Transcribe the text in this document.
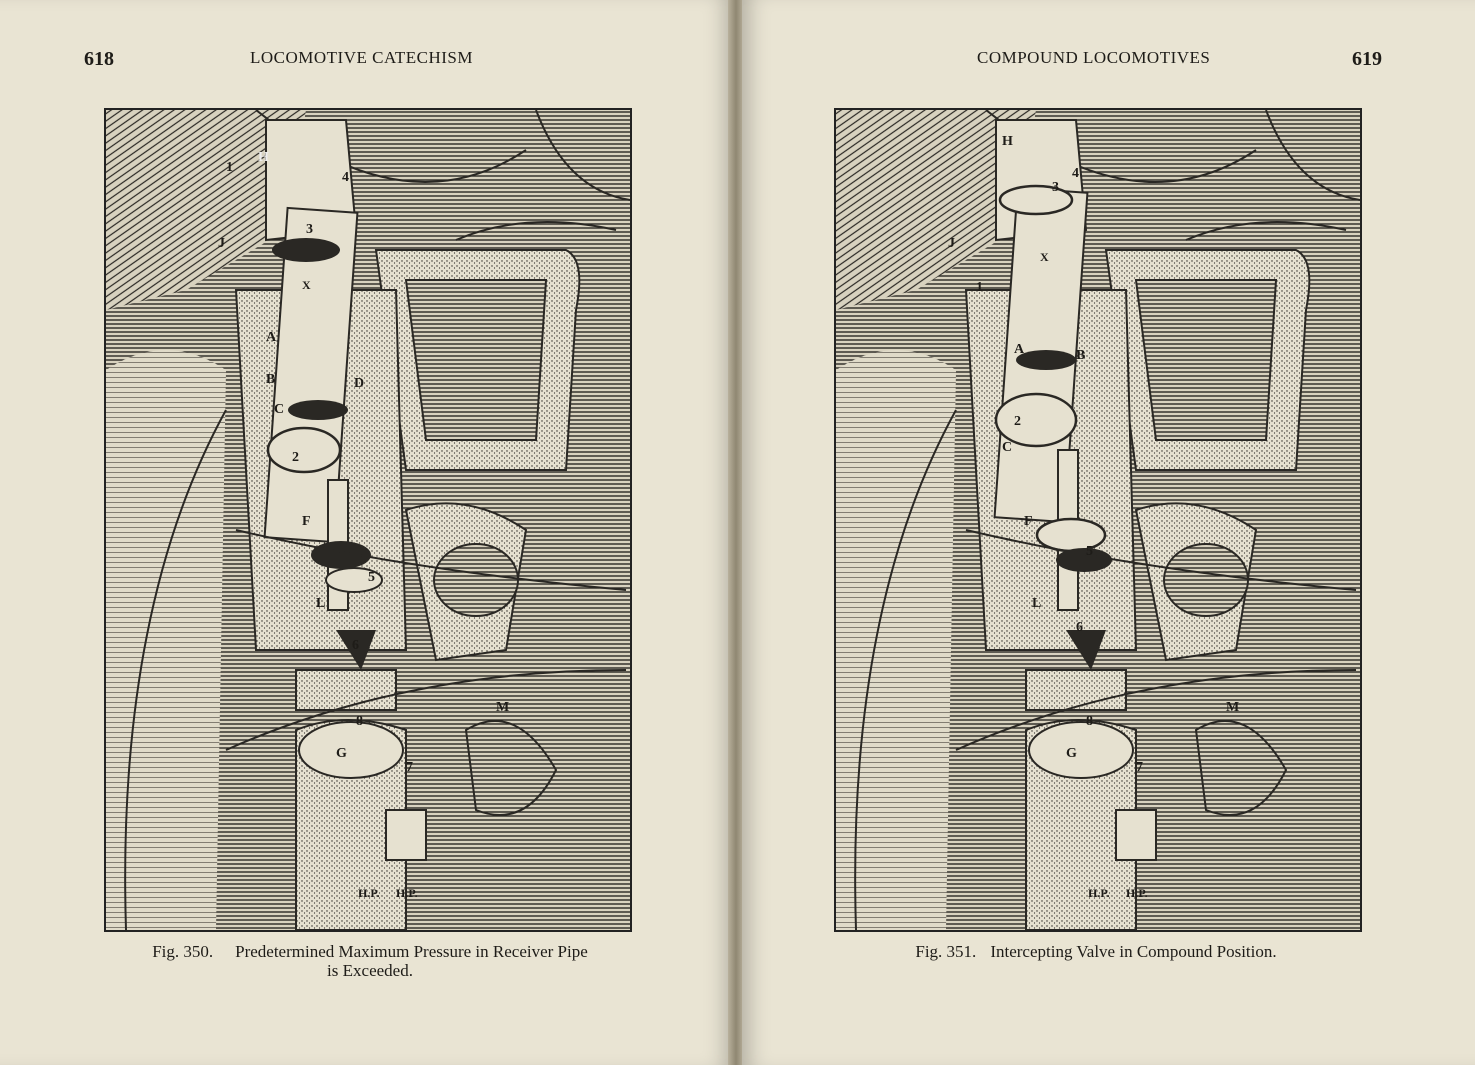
618	LOCOMOTIVE CATECHISM
H
1
2
3
4
5
6
7
8
A
B
C
D
F
G
J
L
M
X
H.P. H.P.
Fig. 350. Predetermined Maximum Pressure in Receiver Pipe
is Exceeded.
COMPOUND LOCOMOTIVES	619
H
1
2
3
4
5
6
7
8
A	B
C
F
G
J
L
M
X
H.P. H.P.
Fig. 351. Intercepting Valve in Compound Position.
